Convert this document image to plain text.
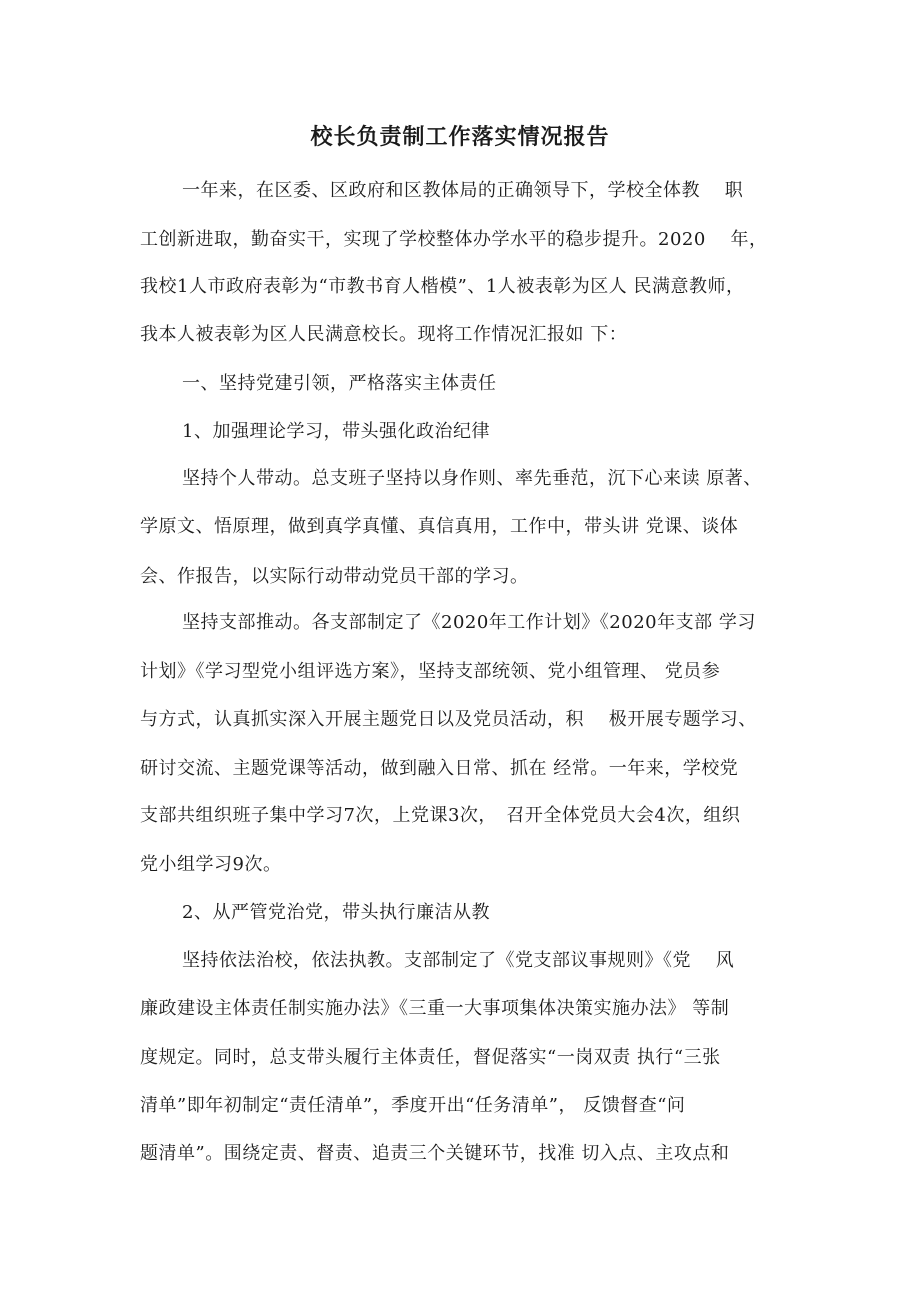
校长负责制工作落实情况报告
一年来，在区委、区政府和区教体局的正确领导下，学校全体教　 职
工创新进取，勤奋实干，实现了学校整体办学水平的稳步提升。2020　 年，
我校1人市政府表彰为“市教书育人楷模”、1人被表彰为区人 民满意教师，
我本人被表彰为区人民满意校长。现将工作情况汇报如 下：
一、坚持党建引领，严格落实主体责任
1、加强理论学习，带头强化政治纪律
坚持个人带动。总支班子坚持以身作则、率先垂范，沉下心来读 原著、
学原文、悟原理，做到真学真懂、真信真用，工作中，带头讲 党课、谈体
会、作报告，以实际行动带动党员干部的学习。
坚持支部推动。各支部制定了《2020年工作计划》《2020年支部 学习
计划》《学习型党小组评选方案》，坚持支部统领、党小组管理、 党员参
与方式，认真抓实深入开展主题党日以及党员活动，积　 极开展专题学习、
研讨交流、主题党课等活动，做到融入日常、抓在 经常。一年来，学校党
支部共组织班子集中学习7次，上党课3次，　召开全体党员大会4次，组织
党小组学习9次。
2、从严管党治党，带头执行廉洁从教
坚持依法治校，依法执教。支部制定了《党支部议事规则》《党　 风
廉政建设主体责任制实施办法》《三重一大事项集体决策实施办法》 等制
度规定。同时，总支带头履行主体责任，督促落实“一岗双责 执行“三张
清单”即年初制定“责任清单”，季度开出“任务清单”， 反馈督查“问
题清单”。围绕定责、督责、追责三个关键环节，找准 切入点、主攻点和
